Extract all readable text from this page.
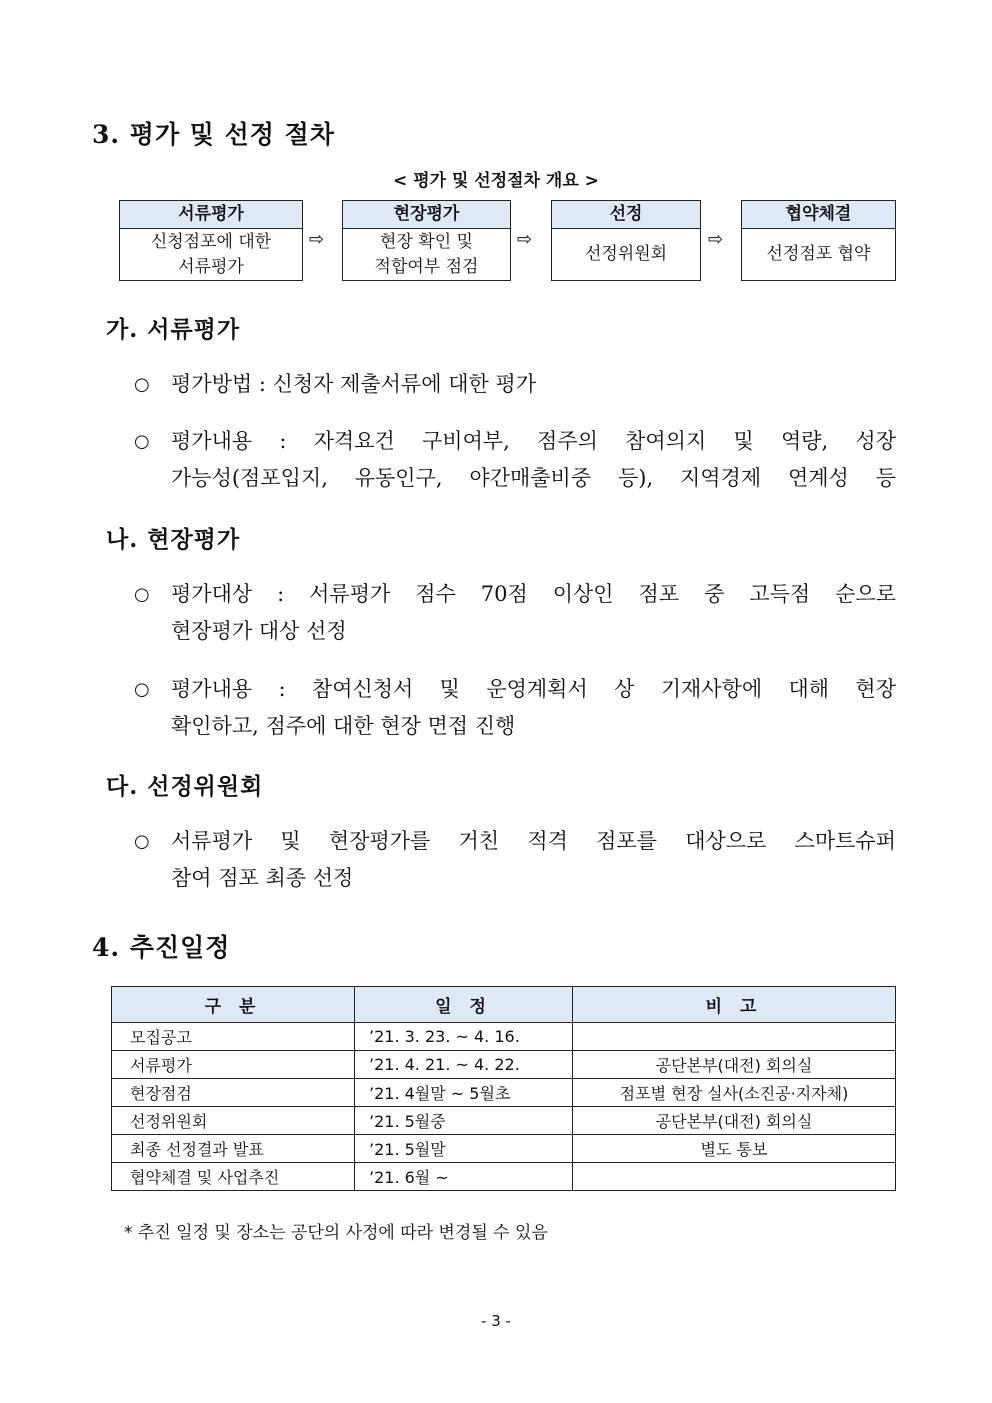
3. 평가 및 선정 절차
< 평가 및 선정절차 개요 >
서류평가
신청점포에 대한
서류평가
⇨
현장평가
현장 확인 및
적합여부 점검
⇨
선정
선정위원회
⇨
협약체결
선정점포 협약
가. 서류평가
○ 평가방법 : 신청자 제출서류에 대한 평가
○ 평가내용 : 자격요건 구비여부, 점주의 참여의지 및 역량, 성장
가능성(점포입지, 유동인구, 야간매출비중 등), 지역경제 연계성 등
나. 현장평가
○ 평가대상 : 서류평가 점수 70점 이상인 점포 중 고득점 순으로
현장평가 대상 선정
○ 평가내용 : 참여신청서 및 운영계획서 상 기재사항에 대해 현장
확인하고, 점주에 대한 현장 면접 진행
다. 선정위원회
○ 서류평가 및 현장평가를 거친 적격 점포를 대상으로 스마트슈퍼
참여 점포 최종 선정
4. 추진일정
구 분	일 정	비 고
모집공고	’21. 3. 23. ~ 4. 16.	
서류평가	’21. 4. 21. ~ 4. 22.	공단본부(대전) 회의실
현장점검	’21. 4월말 ~ 5월초	점포별 현장 실사(소진공·지자체)
선정위원회	’21. 5월중	공단본부(대전) 회의실
최종 선정결과 발표	’21. 5월말	별도 통보
협약체결 및 사업추진	’21. 6월 ~	
* 추진 일정 및 장소는 공단의 사정에 따라 변경될 수 있음
- 3 -
